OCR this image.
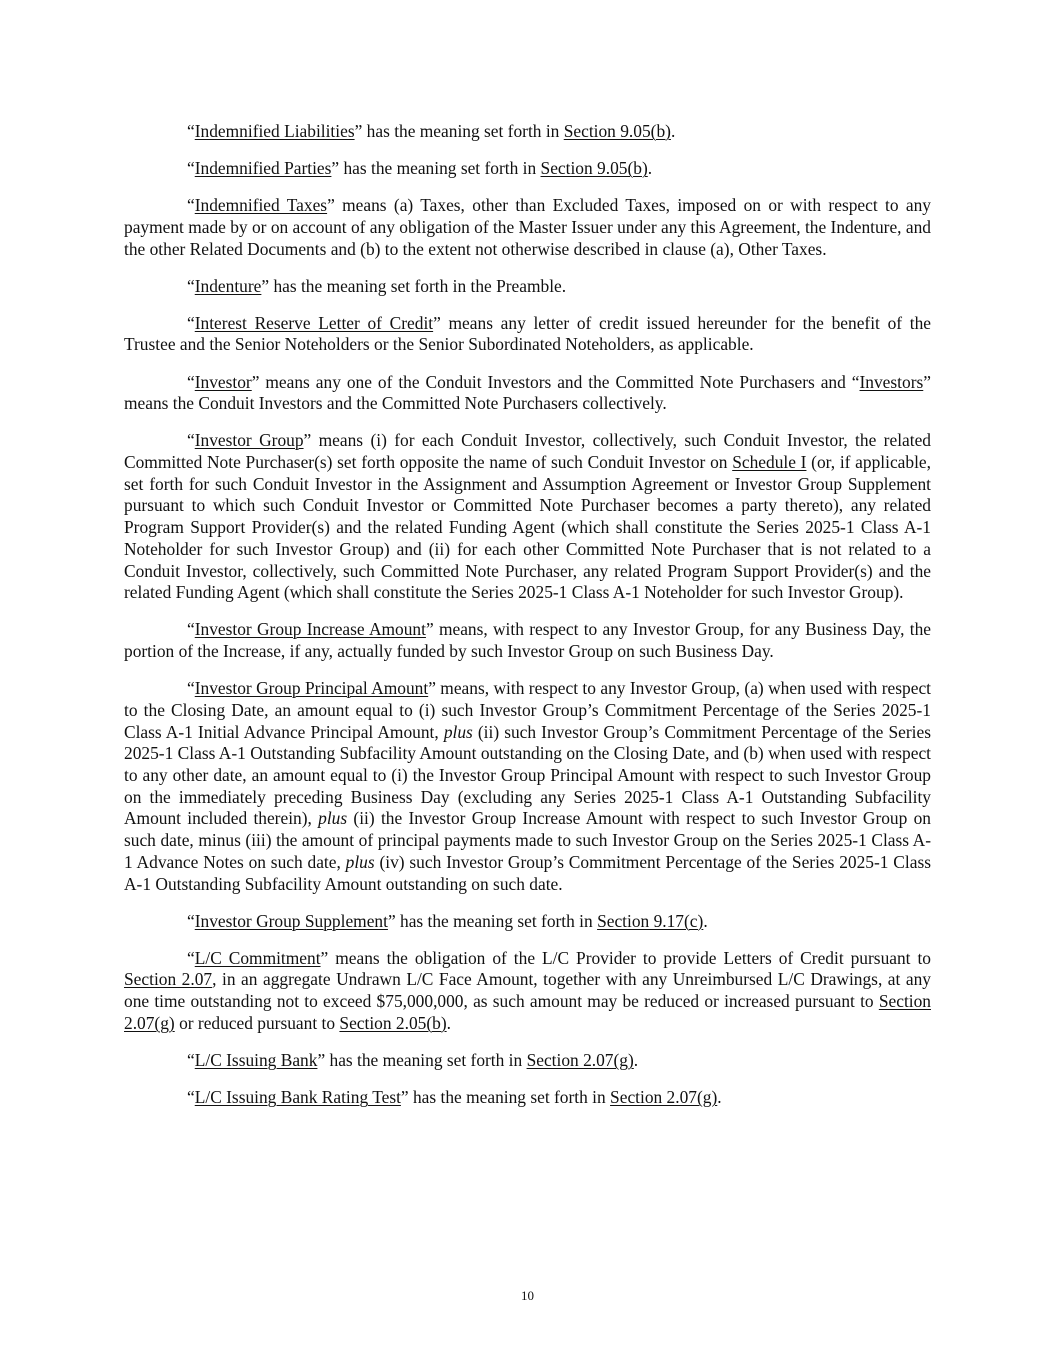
“Indemnified Liabilities” has the meaning set forth in Section 9.05(b).

“Indemnified Parties” has the meaning set forth in Section 9.05(b).

“Indemnified Taxes” means (a) Taxes, other than Excluded Taxes, imposed on or with respect to any payment made by or on account of any obligation of the Master Issuer under any this Agreement, the Indenture, and the other Related Documents and (b) to the extent not otherwise described in clause (a), Other Taxes.

“Indenture” has the meaning set forth in the Preamble.

“Interest Reserve Letter of Credit” means any letter of credit issued hereunder for the benefit of the Trustee and the Senior Noteholders or the Senior Subordinated Noteholders, as applicable.

“Investor” means any one of the Conduit Investors and the Committed Note Purchasers and “Investors” means the Conduit Investors and the Committed Note Purchasers collectively.

“Investor Group” means (i) for each Conduit Investor, collectively, such Conduit Investor, the related Committed Note Purchaser(s) set forth opposite the name of such Conduit Investor on Schedule I (or, if applicable, set forth for such Conduit Investor in the Assignment and Assumption Agreement or Investor Group Supplement pursuant to which such Conduit Investor or Committed Note Purchaser becomes a party thereto), any related Program Support Provider(s) and the related Funding Agent (which shall constitute the Series 2025-1 Class A-1 Noteholder for such Investor Group) and (ii) for each other Committed Note Purchaser that is not related to a Conduit Investor, collectively, such Committed Note Purchaser, any related Program Support Provider(s) and the related Funding Agent (which shall constitute the Series 2025-1 Class A-1 Noteholder for such Investor Group).

“Investor Group Increase Amount” means, with respect to any Investor Group, for any Business Day, the portion of the Increase, if any, actually funded by such Investor Group on such Business Day.

“Investor Group Principal Amount” means, with respect to any Investor Group, (a) when used with respect to the Closing Date, an amount equal to (i) such Investor Group’s Commitment Percentage of the Series 2025-1 Class A-1 Initial Advance Principal Amount, plus (ii) such Investor Group’s Commitment Percentage of the Series 2025-1 Class A-1 Outstanding Subfacility Amount outstanding on the Closing Date, and (b) when used with respect to any other date, an amount equal to (i) the Investor Group Principal Amount with respect to such Investor Group on the immediately preceding Business Day (excluding any Series 2025-1 Class A-1 Outstanding Subfacility Amount included therein), plus (ii) the Investor Group Increase Amount with respect to such Investor Group on such date, minus (iii) the amount of principal payments made to such Investor Group on the Series 2025-1 Class A-1 Advance Notes on such date, plus (iv) such Investor Group’s Commitment Percentage of the Series 2025-1 Class A-1 Outstanding Subfacility Amount outstanding on such date.

“Investor Group Supplement” has the meaning set forth in Section 9.17(c).

“L/C Commitment” means the obligation of the L/C Provider to provide Letters of Credit pursuant to Section 2.07, in an aggregate Undrawn L/C Face Amount, together with any Unreimbursed L/C Drawings, at any one time outstanding not to exceed $75,000,000, as such amount may be reduced or increased pursuant to Section 2.07(g) or reduced pursuant to Section 2.05(b).

“L/C Issuing Bank” has the meaning set forth in Section 2.07(g).

“L/C Issuing Bank Rating Test” has the meaning set forth in Section 2.07(g).

10
